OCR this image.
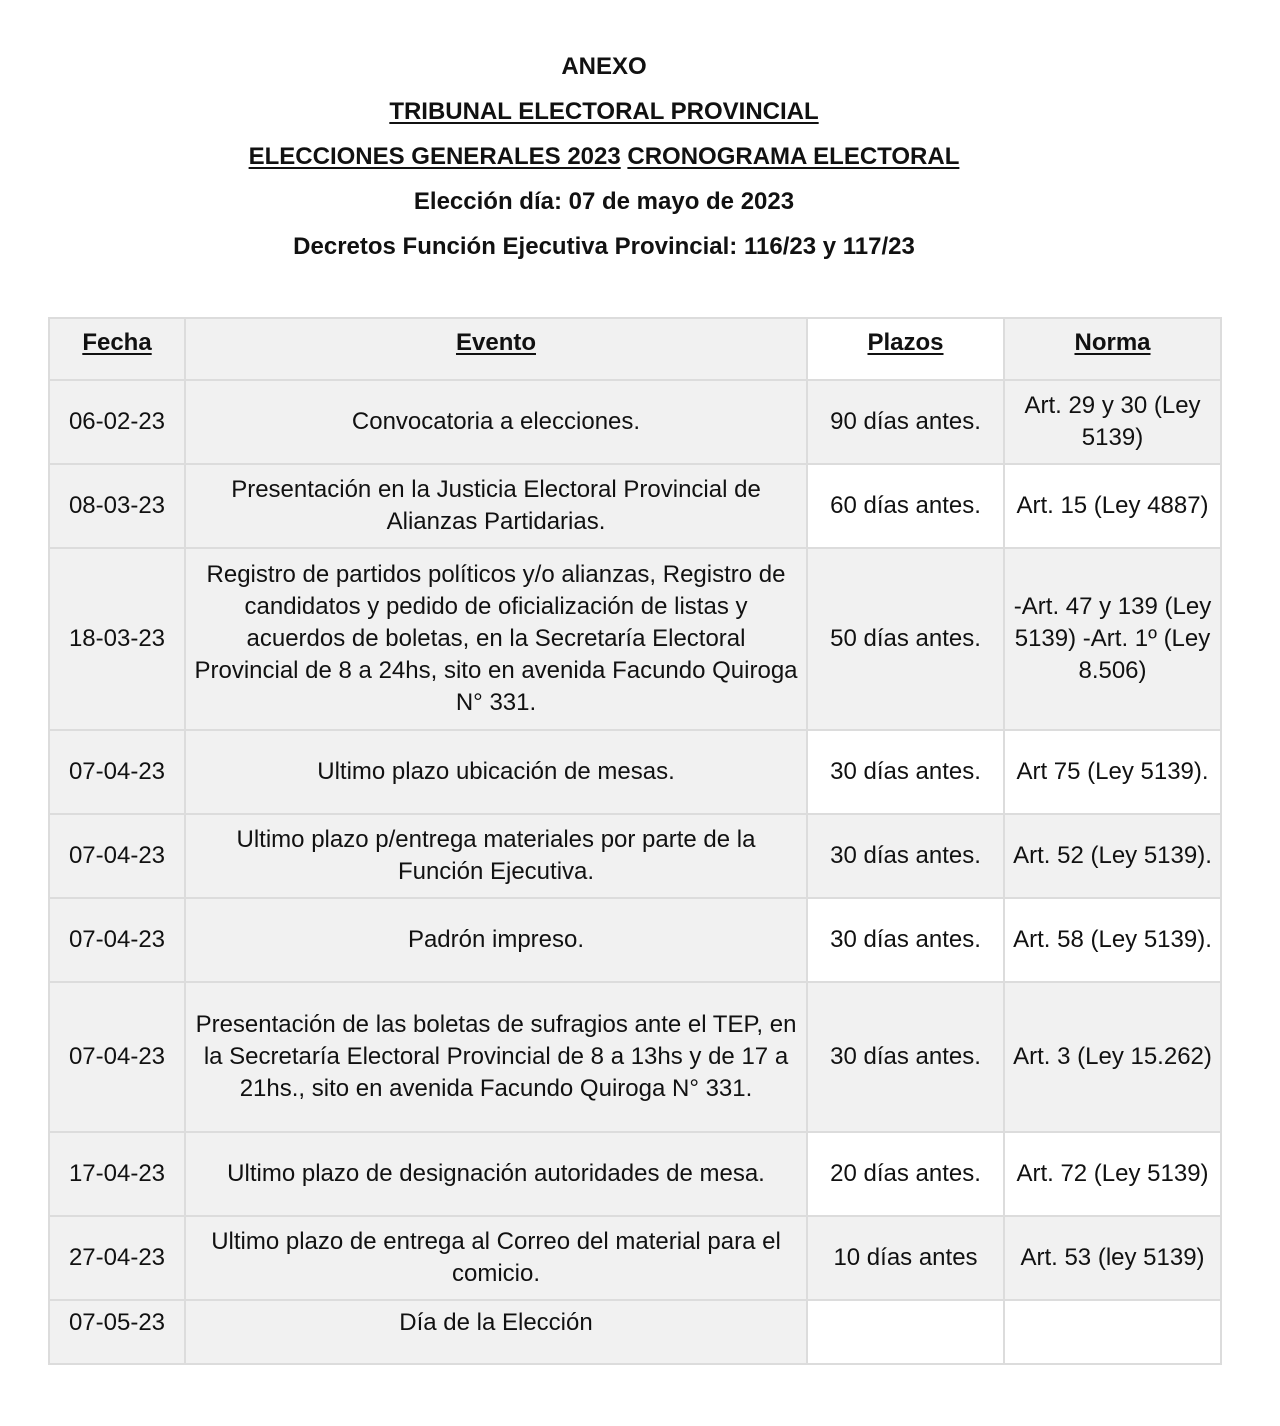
ANEXO
TRIBUNAL ELECTORAL PROVINCIAL
ELECCIONES GENERALES 2023 CRONOGRAMA ELECTORAL
Elección día: 07 de mayo de 2023
Decretos Función Ejecutiva Provincial: 116/23 y 117/23
Fecha	Evento	Plazos	Norma
06-02-23	Convocatoria a elecciones.	90 días antes.	Art. 29 y 30 (Ley 5139)
08-03-23	Presentación en la Justicia Electoral Provincial de Alianzas Partidarias.	60 días antes.	Art. 15 (Ley 4887)
18-03-23	Registro de partidos políticos y/o alianzas, Registro de candidatos y pedido de oficialización de listas y acuerdos de boletas, en la Secretaría Electoral Provincial de 8 a 24hs, sito en avenida Facundo Quiroga N° 331.	50 días antes.	-Art. 47 y 139 (Ley 5139) -Art. 1º (Ley 8.506)
07-04-23	Ultimo plazo ubicación de mesas.	30 días antes.	Art 75 (Ley 5139).
07-04-23	Ultimo plazo p/entrega materiales por parte de la Función Ejecutiva.	30 días antes.	Art. 52 (Ley 5139).
07-04-23	Padrón impreso.	30 días antes.	Art. 58 (Ley 5139).
07-04-23	Presentación de las boletas de sufragios ante el TEP, en la Secretaría Electoral Provincial de 8 a 13hs y de 17 a 21hs., sito en avenida Facundo Quiroga N° 331.	30 días antes.	Art. 3 (Ley 15.262)
17-04-23	Ultimo plazo de designación autoridades de mesa.	20 días antes.	Art. 72 (Ley 5139)
27-04-23	Ultimo plazo de entrega al Correo del material para el comicio.	10 días antes	Art. 53 (ley 5139)
07-05-23	Día de la Elección		
